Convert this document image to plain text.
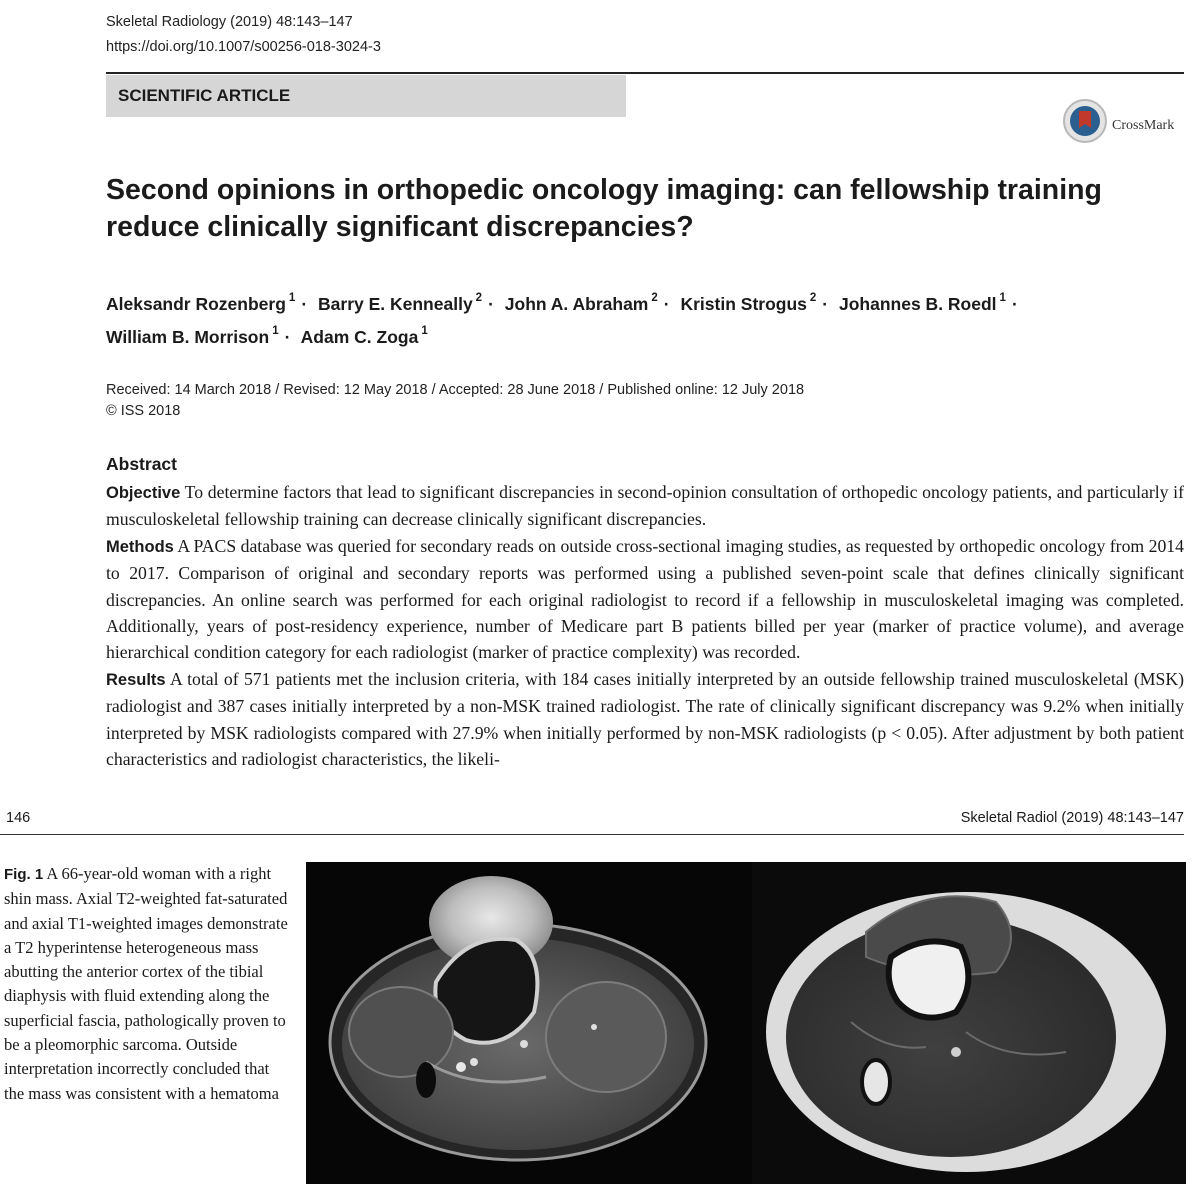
Skeletal Radiology (2019) 48:143–147
https://doi.org/10.1007/s00256-018-3024-3
SCIENTIFIC ARTICLE
CrossMark
Second opinions in orthopedic oncology imaging: can fellowship training reduce clinically significant discrepancies?
Aleksandr Rozenberg $^1$ · Barry E. Kenneally $^2$ · John A. Abraham $^2$ · Kristin Strogus $^2$ · Johannes B. Roedl $^1$ ·
William B. Morrison $^1$ · Adam C. Zoga $^1$
Received: 14 March 2018 / Revised: 12 May 2018 / Accepted: 28 June 2018 / Published online: 12 July 2018
© ISS 2018
Abstract

Objective To determine factors that lead to significant discrepancies in second-opinion consultation of orthopedic oncology patients, and particularly if musculoskeletal fellowship training can decrease clinically significant discrepancies.

Methods A PACS database was queried for secondary reads on outside cross-sectional imaging studies, as requested by orthopedic oncology from 2014 to 2017. Comparison of original and secondary reports was performed using a published seven-point scale that defines clinically significant discrepancies. An online search was performed for each original radiologist to record if a fellowship in musculoskeletal imaging was completed. Additionally, years of post-residency experience, number of Medicare part B patients billed per year (marker of practice volume), and average hierarchical condition category for each radiologist (marker of practice complexity) was recorded.

Results A total of 571 patients met the inclusion criteria, with 184 cases initially interpreted by an outside fellowship trained musculoskeletal (MSK) radiologist and 387 cases initially interpreted by a non-MSK trained radiologist. The rate of clinically significant discrepancy was 9.2% when initially interpreted by MSK radiologists compared with 27.9% when initially performed by non-MSK radiologists (p < 0.05). After adjustment by both patient characteristics and radiologist characteristics, the likeli-

146	Skeletal Radiol (2019) 48:143–147
Fig. 1 A 66-year-old woman with a right shin mass. Axial T2-weighted fat-saturated and axial T1-weighted images demonstrate a T2 hyperintense heterogeneous mass abutting the anterior cortex of the tibial diaphysis with fluid extending along the superficial fascia, pathologically proven to be a pleomorphic sarcoma. Outside interpretation incorrectly concluded that the mass was consistent with a hematoma
